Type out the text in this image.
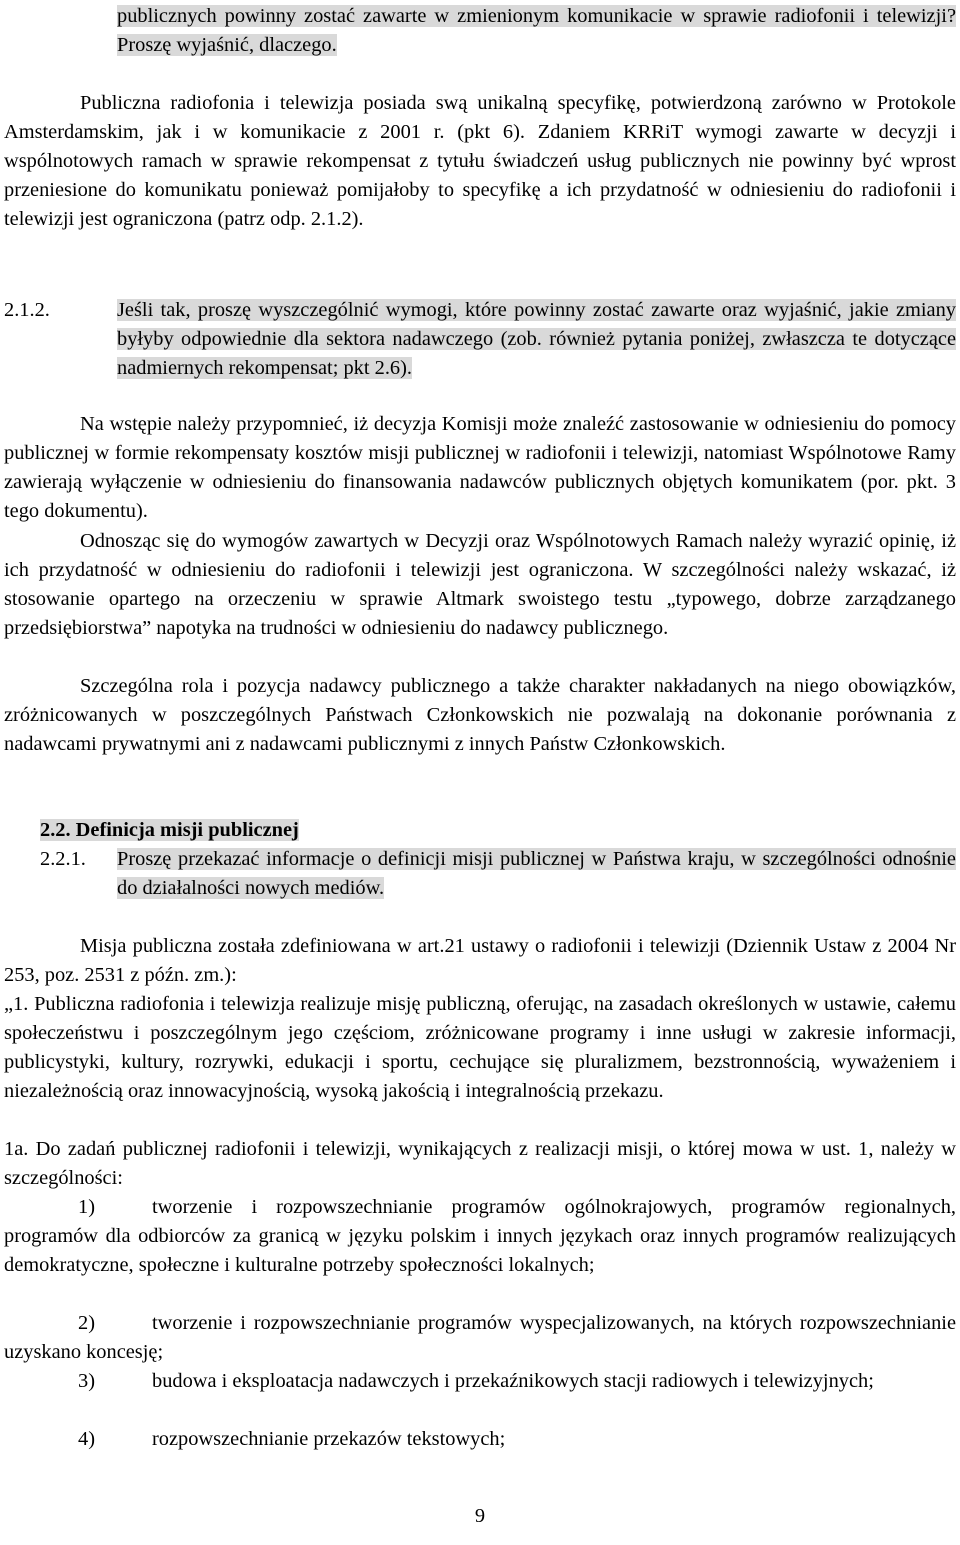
publicznych powinny zostać zawarte w zmienionym komunikacie w sprawie radiofonii i telewizji? Proszę wyjaśnić, dlaczego.

Publiczna radiofonia i telewizja posiada swą unikalną specyfikę, potwierdzoną zarówno w Protokole Amsterdamskim, jak i w komunikacie z 2001 r. (pkt 6). Zdaniem KRRiT wymogi zawarte w decyzji i wspólnotowych ramach w sprawie rekompensat z tytułu świadczeń usług publicznych nie powinny być wprost przeniesione do komunikatu ponieważ pomijałoby to specyfikę a ich przydatność w odniesieniu do radiofonii i telewizji jest ograniczona (patrz odp. 2.1.2).

2.1.2.	Jeśli tak, proszę wyszczególnić wymogi, które powinny zostać zawarte oraz wyjaśnić, jakie zmiany byłyby odpowiednie dla sektora nadawczego (zob. również pytania poniżej, zwłaszcza te dotyczące nadmiernych rekompensat; pkt 2.6).

Na wstępie należy przypomnieć, iż decyzja Komisji może znaleźć zastosowanie w odniesieniu do pomocy publicznej w formie rekompensaty kosztów misji publicznej w radiofonii i telewizji, natomiast Wspólnotowe Ramy zawierają wyłączenie w odniesieniu do finansowania nadawców publicznych objętych komunikatem (por. pkt. 3 tego dokumentu).

Odnosząc się do wymogów zawartych w Decyzji oraz Wspólnotowych Ramach należy wyrazić opinię, iż ich przydatność w odniesieniu do radiofonii i telewizji jest ograniczona. W szczególności należy wskazać, iż stosowanie opartego na orzeczeniu w sprawie Altmark swoistego testu „typowego, dobrze zarządzanego przedsiębiorstwa” napotyka na trudności w odniesieniu do nadawcy publicznego.

Szczególna rola i pozycja nadawcy publicznego a także charakter nakładanych na niego obowiązków, zróżnicowanych w poszczególnych Państwach Członkowskich nie pozwalają na dokonanie porównania z nadawcami prywatnymi ani z nadawcami publicznymi z innych Państw Członkowskich.

2.2. Definicja misji publicznej

2.2.1. Proszę przekazać informacje o definicji misji publicznej w Państwa kraju, w szczególności odnośnie do działalności nowych mediów.

Misja publiczna została zdefiniowana w art.21 ustawy o radiofonii i telewizji (Dziennik Ustaw z 2004 Nr 253, poz. 2531 z późn. zm.):

„1. Publiczna radiofonia i telewizja realizuje misję publiczną, oferując, na zasadach określonych w ustawie, całemu społeczeństwu i poszczególnym jego częściom, zróżnicowane programy i inne usługi w zakresie informacji, publicystyki, kultury, rozrywki, edukacji i sportu, cechujące się pluralizmem, bezstronnością, wyważeniem i niezależnością oraz innowacyjnością, wysoką jakością i integralnością przekazu.

1a. Do zadań publicznej radiofonii i telewizji, wynikających z realizacji misji, o której mowa w ust. 1, należy w szczególności:

1)	tworzenie i rozpowszechnianie programów ogólnokrajowych, programów regionalnych, programów dla odbiorców za granicą w języku polskim i innych językach oraz innych programów realizujących demokratyczne, społeczne i kulturalne potrzeby społeczności lokalnych;

2)	tworzenie i rozpowszechnianie programów wyspecjalizowanych, na których rozpowszechnianie uzyskano koncesję;

3)	budowa i eksploatacja nadawczych i przekaźnikowych stacji radiowych i telewizyjnych;

4)	rozpowszechnianie przekazów tekstowych;

9
